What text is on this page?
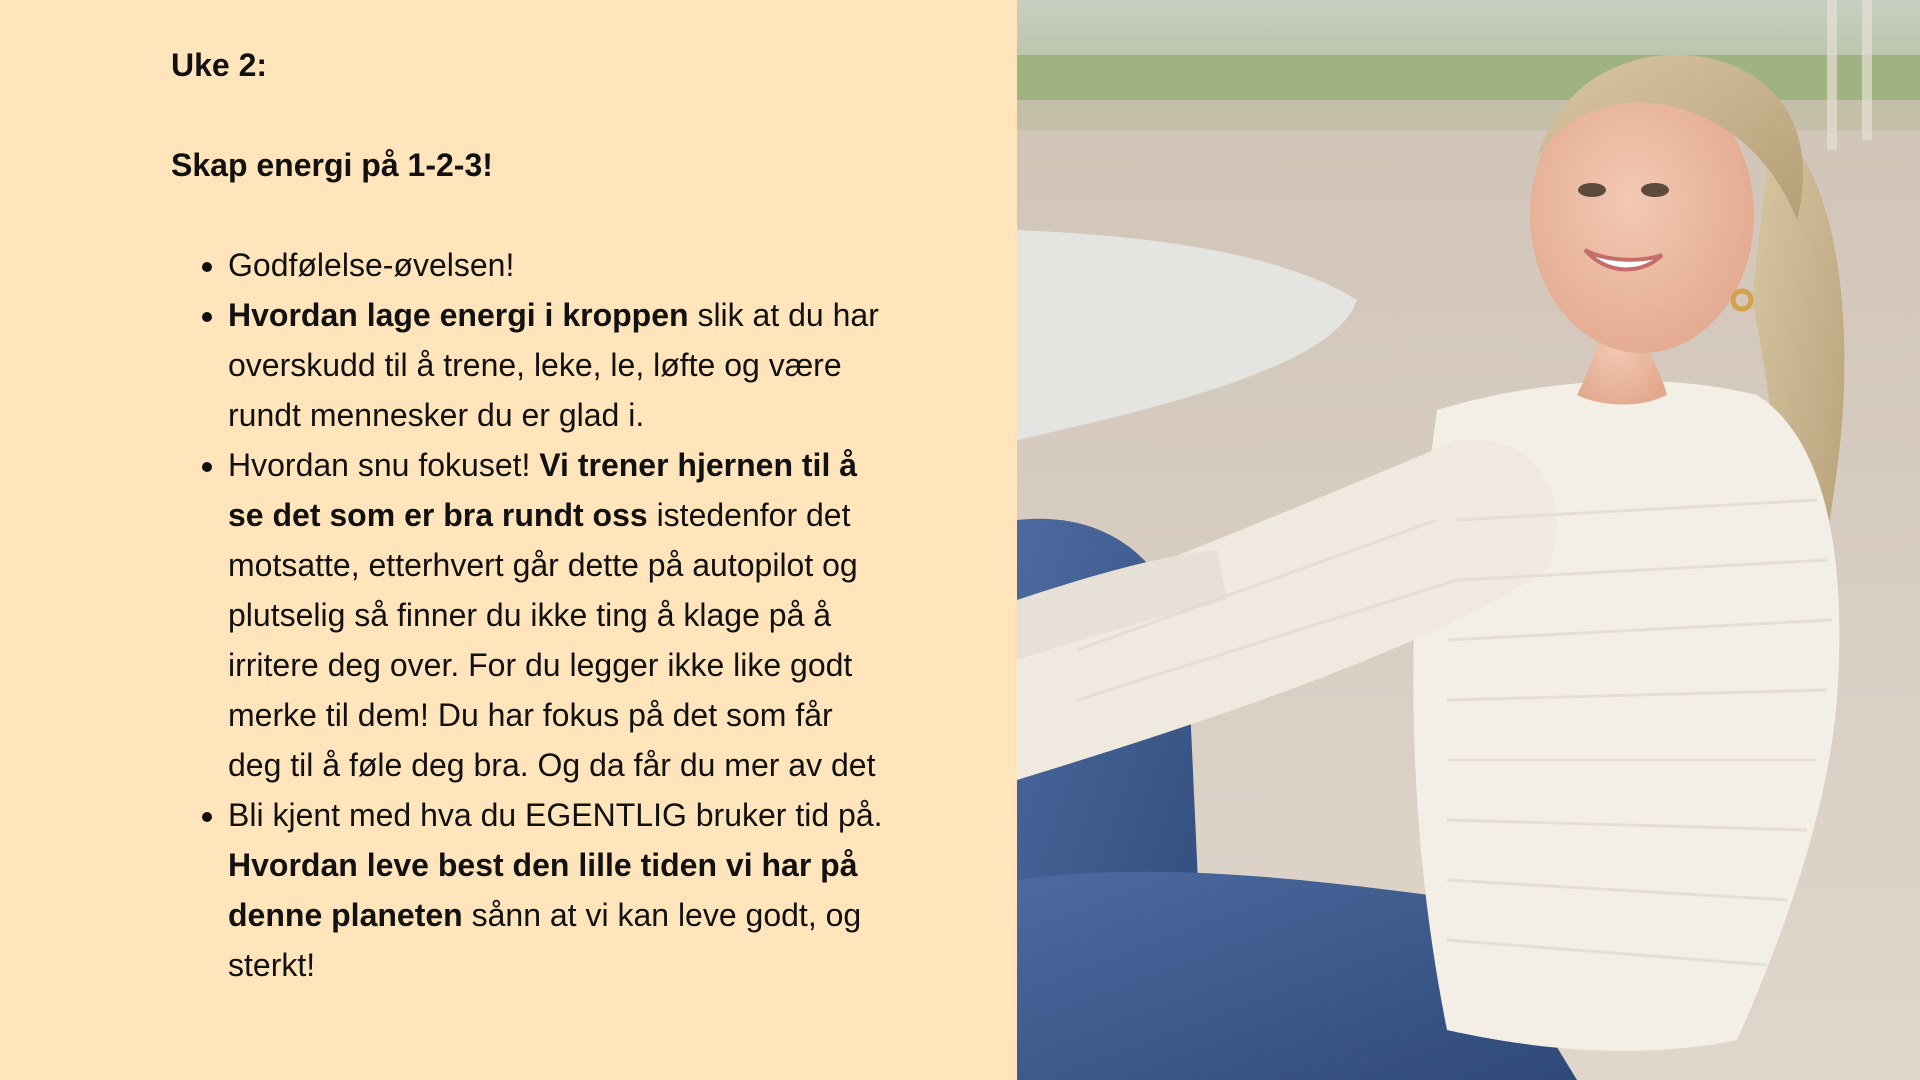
Uke 2:

Skap energi på 1-2-3!

• Godfølelse-øvelsen!
• Hvordan lage energi i kroppen slik at du har overskudd til å trene, leke, le, løfte og være rundt mennesker du er glad i.
• Hvordan snu fokuset! Vi trener hjernen til å se det som er bra rundt oss istedenfor det motsatte, etterhvert går dette på autopilot og plutselig så finner du ikke ting å klage på å irritere deg over. For du legger ikke like godt merke til dem! Du har fokus på det som får deg til å føle deg bra. Og da får du mer av det
• Bli kjent med hva du EGENTLIG bruker tid på. Hvordan leve best den lille tiden vi har på denne planeten sånn at vi kan leve godt, og sterkt!
